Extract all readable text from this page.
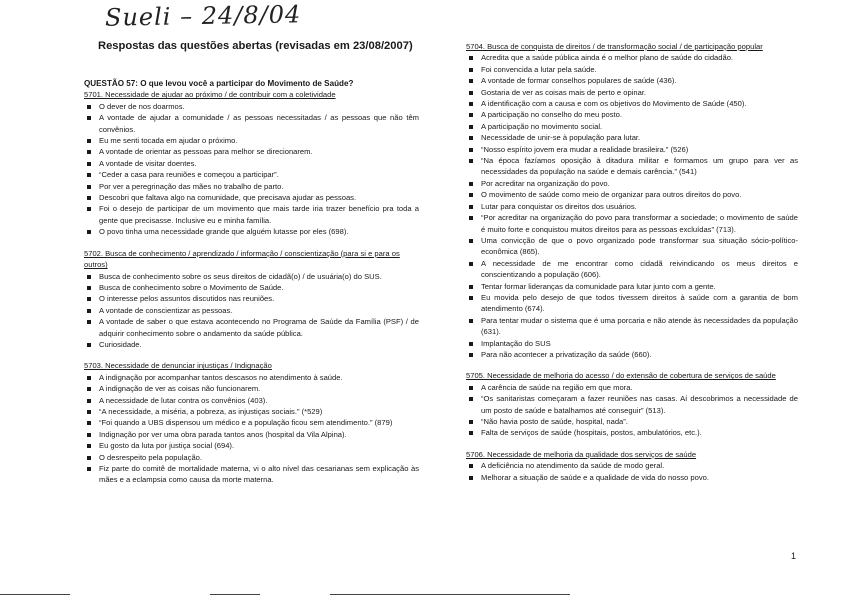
Sueli – 24/8/04
Respostas das questões abertas (revisadas em 23/08/2007)
QUESTÃO 57: O que levou você a participar do Movimento de Saúde?
5701. Necessidade de ajudar ao próximo / de contribuir com a coletividade
O dever de nos doarmos.
A vontade de ajudar a comunidade / as pessoas necessitadas / as pessoas que não têm convênios.
Eu me senti tocada em ajudar o próximo.
A vontade de orientar as pessoas para melhor se direcionarem.
A vontade de visitar doentes.
“Ceder a casa para reuniões e começou a participar”.
Por ver a peregrinação das mães no trabalho de parto.
Descobri que faltava algo na comunidade, que precisava ajudar as pessoas.
Foi o desejo de participar de um movimento que mais tarde iria trazer benefício pra toda a gente que precisasse. Inclusive eu e minha família.
O povo tinha uma necessidade grande que alguém lutasse por eles (698).
5702. Busca de conhecimento / aprendizado / informação / conscientização (para si e para os outros)
Busca de conhecimento sobre os seus direitos de cidadã(o) / de usuária(o) do SUS.
Busca de conhecimento sobre o Movimento de Saúde.
O interesse pelos assuntos discutidos nas reuniões.
A vontade de conscientizar as pessoas.
A vontade de saber o que estava acontecendo no Programa de Saúde da Família (PSF) / de adquirir conhecimento sobre o andamento da saúde pública.
Curiosidade.
5703. Necessidade de denunciar injustiças / Indignação
A indignação por acompanhar tantos descasos no atendimento à saúde.
A indignação de ver as coisas não funcionarem.
A necessidade de lutar contra os convênios (403).
“A necessidade, a miséria, a pobreza, as injustiças sociais.” (*529)
“Foi quando a UBS dispensou um médico e a população ficou sem atendimento.” (879)
Indignação por ver uma obra parada tantos anos (hospital da Vila Alpina).
Eu gosto da luta por justiça social (694).
O desrespeito pela população.
Fiz parte do comitê de mortalidade materna, vi o alto nível das cesarianas sem explicação às mães e a eclampsia como causa da morte materna.
5704. Busca de conquista de direitos / de transformação social / de participação popular
Acredita que a saúde pública ainda é o melhor plano de saúde do cidadão.
Foi convencida a lutar pela saúde.
A vontade de formar conselhos populares de saúde (436).
Gostaria de ver as coisas mais de perto e opinar.
A identificação com a causa e com os objetivos do Movimento de Saúde (450).
A participação no conselho do meu posto.
A participação no movimento social.
Necessidade de unir-se à população para lutar.
“Nosso espírito jovem era mudar a realidade brasileira.” (526)
“Na época fazíamos oposição à ditadura militar e formamos um grupo para ver as necessidades da população na saúde e demais carência.” (541)
Por acreditar na organização do povo.
O movimento de saúde como meio de organizar para outros direitos do povo.
Lutar para conquistar os direitos dos usuários.
“Por acreditar na organização do povo para transformar a sociedade; o movimento de saúde é muito forte e conquistou muitos direitos para as pessoas excluídas” (713).
Uma convicção de que o povo organizado pode transformar sua situação sócio-político-econômica (865).
A necessidade de me encontrar como cidadã reivindicando os meus direitos e conscientizando a população (606).
Tentar formar lideranças da comunidade para lutar junto com a gente.
Eu movida pelo desejo de que todos tivessem direitos à saúde com a garantia de bom atendimento (674).
Para tentar mudar o sistema que é uma porcaria e não atende às necessidades da população (631).
Implantação do SUS
Para não acontecer a privatização da saúde (660).
5705. Necessidade de melhoria do acesso / do extensão de cobertura de serviços de saúde
A carência de saúde na região em que mora.
“Os sanitaristas começaram a fazer reuniões nas casas. Aí descobrimos a necessidade de um posto de saúde e batalhamos até conseguir” (513).
“Não havia posto de saúde, hospital, nada”.
Falta de serviços de saúde (hospitais, postos, ambulatórios, etc.).
5706. Necessidade de melhoria da qualidade dos serviços de saúde
A deficiência no atendimento da saúde de modo geral.
Melhorar a situação de saúde e a qualidade de vida do nosso povo.
1
